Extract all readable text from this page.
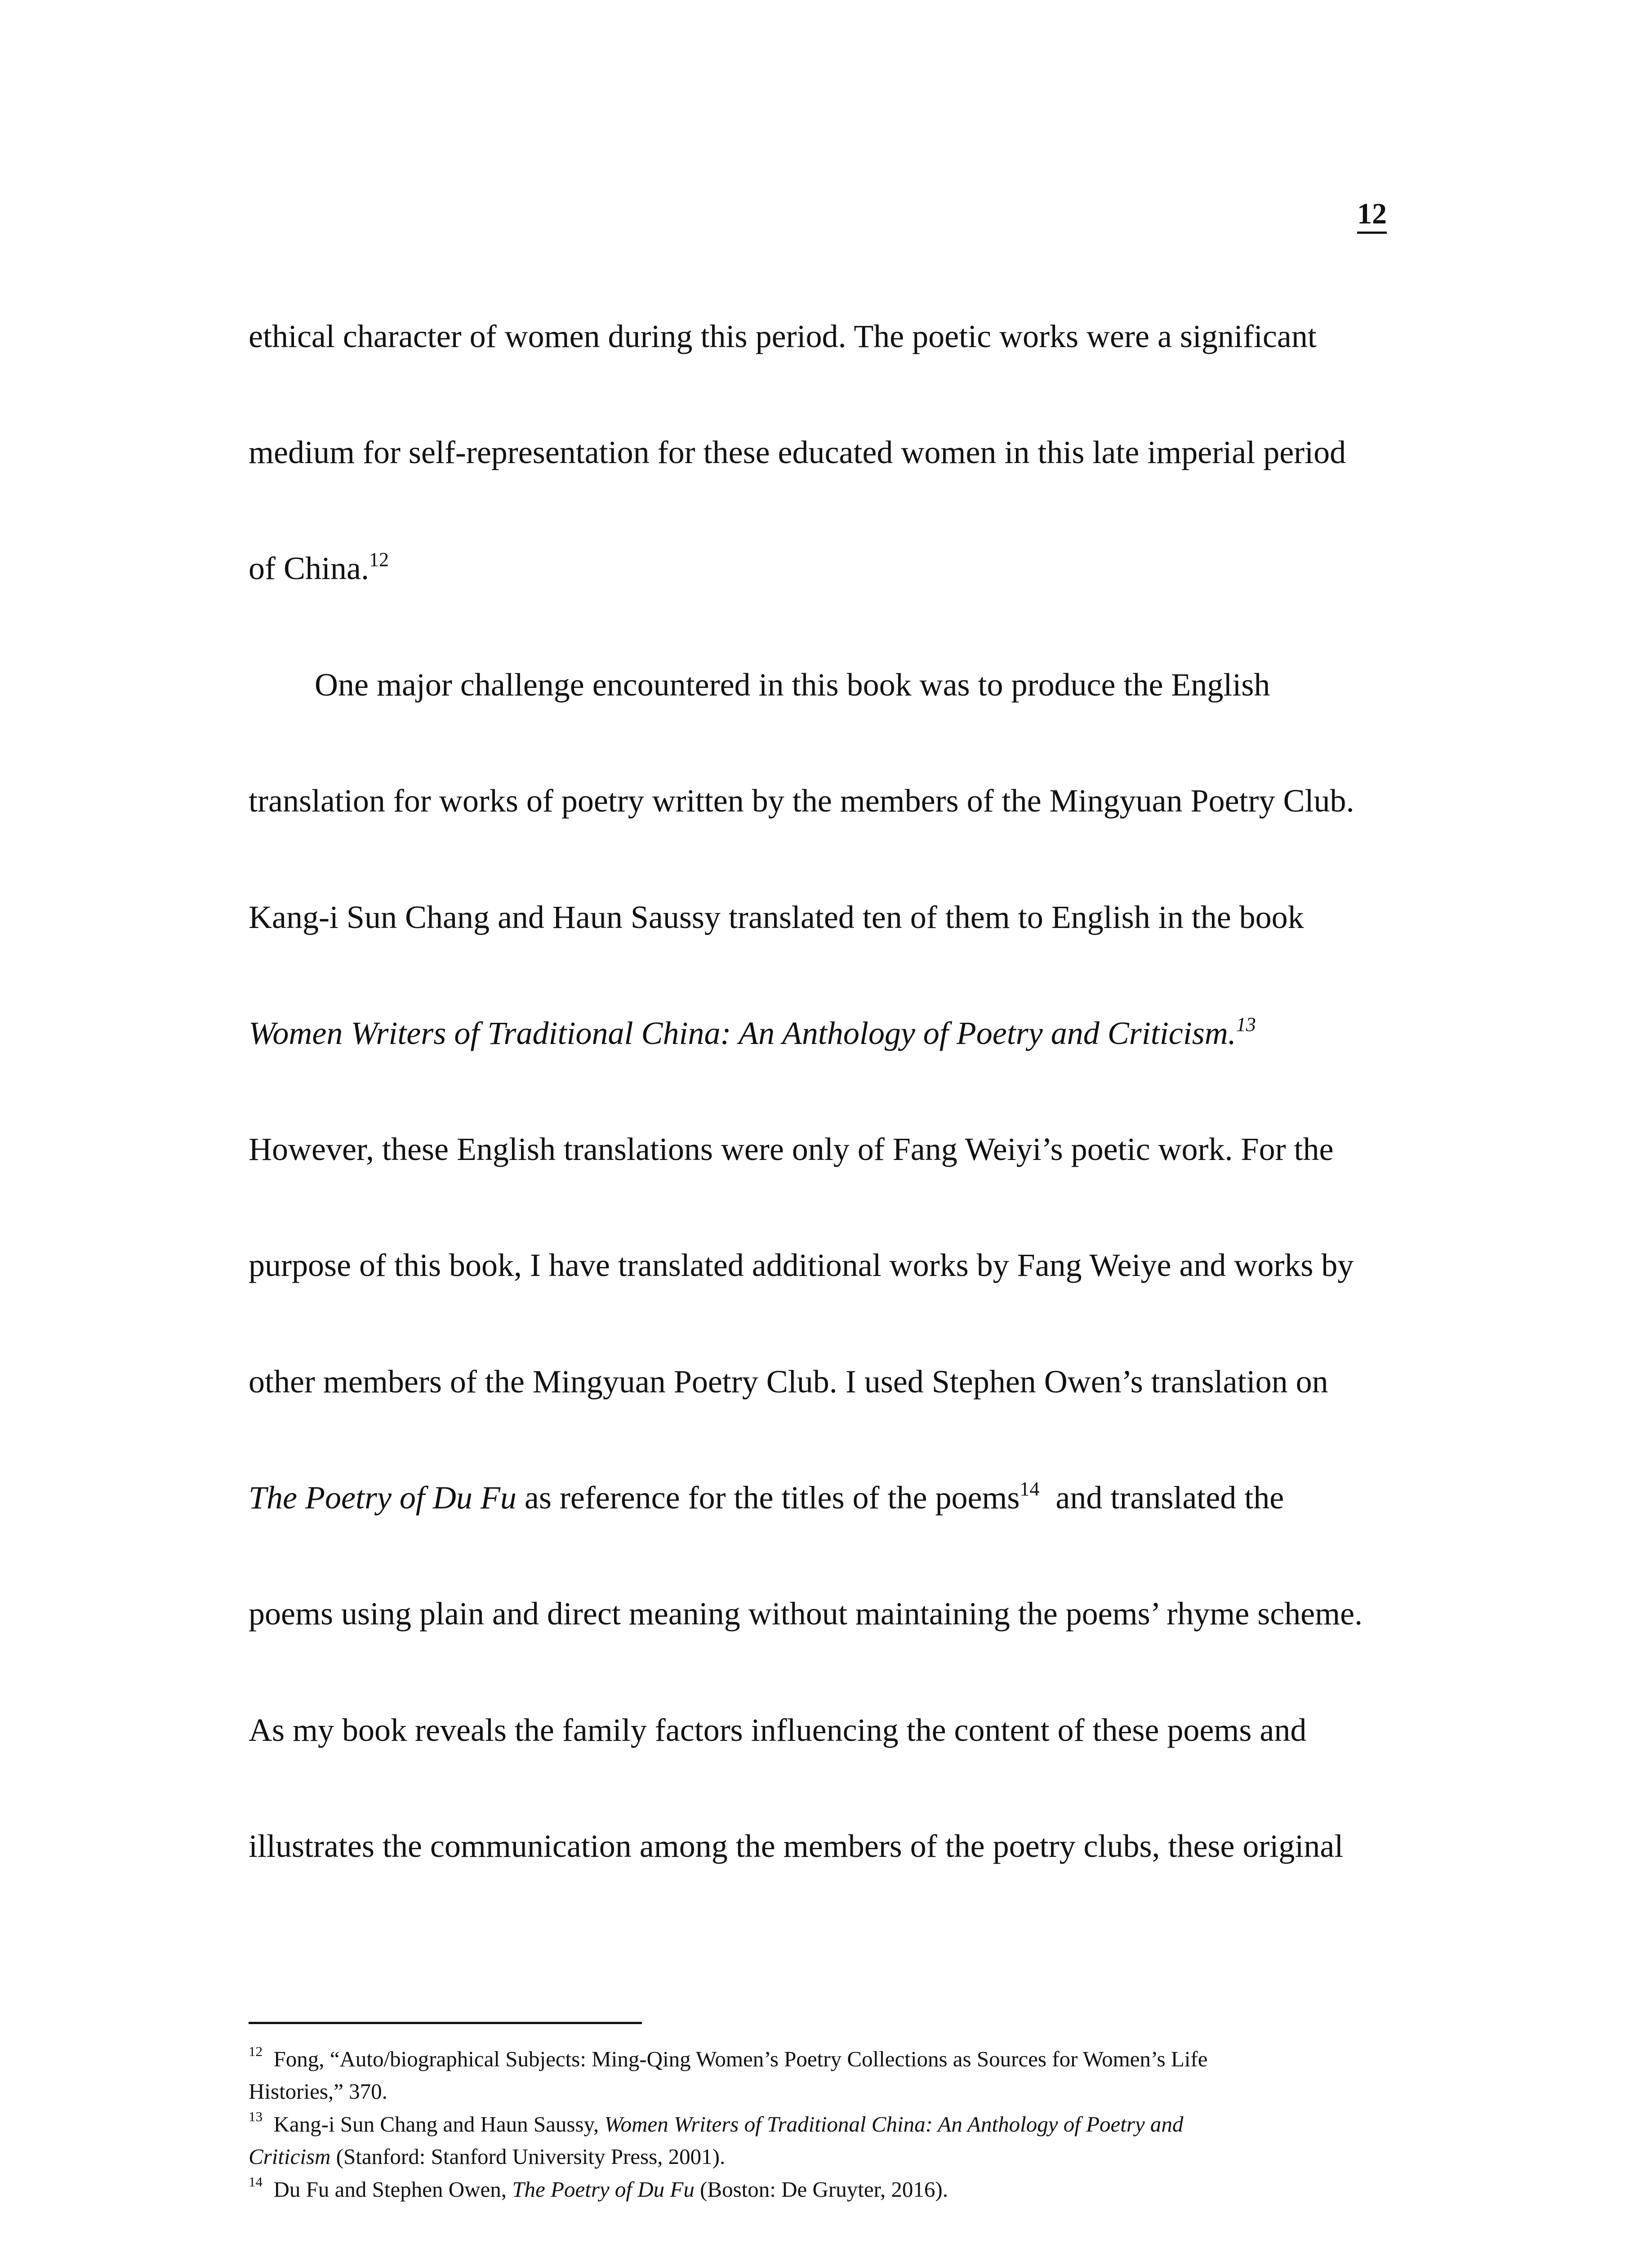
12
ethical character of women during this period. The poetic works were a significant
medium for self-representation for these educated women in this late imperial period
of China.$^{12}$
One major challenge encountered in this book was to produce the English
translation for works of poetry written by the members of the Mingyuan Poetry Club.
Kang-i Sun Chang and Haun Saussy translated ten of them to English in the book
Women Writers of Traditional China: An Anthology of Poetry and Criticism.$^{13}$
However, these English translations were only of Fang Weiyi’s poetic work. For the
purpose of this book, I have translated additional works by Fang Weiye and works by
other members of the Mingyuan Poetry Club. I used Stephen Owen’s translation on
The Poetry of Du Fu as reference for the titles of the poems$^{14}$  and translated the
poems using plain and direct meaning without maintaining the poems’ rhyme scheme.
As my book reveals the family factors influencing the content of these poems and
illustrates the communication among the members of the poetry clubs, these original
$^{12}$  Fong, “Auto/biographical Subjects: Ming-Qing Women’s Poetry Collections as Sources for Women’s Life
Histories,” 370.
$^{13}$  Kang-i Sun Chang and Haun Saussy, Women Writers of Traditional China: An Anthology of Poetry and
Criticism (Stanford: Stanford University Press, 2001).
$^{14}$  Du Fu and Stephen Owen, The Poetry of Du Fu (Boston: De Gruyter, 2016).
